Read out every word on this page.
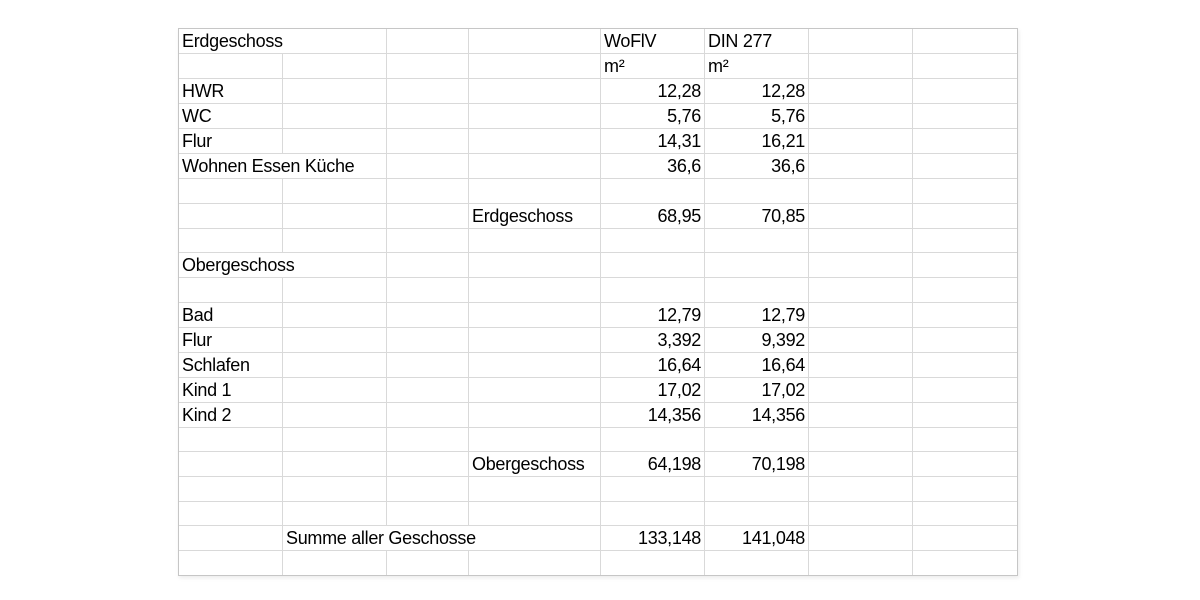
Erdgeschoss				WoFlV	DIN 277		
				m²	m²		
HWR				12,28	12,28		
WC				5,76	5,76		
Flur				14,31	16,21		
Wohnen Essen Küche				36,6	36,6		

			Erdgeschoss	68,95	70,85		

Obergeschoss							

Bad				12,79	12,79		
Flur				3,392	9,392		
Schlafen				16,64	16,64		
Kind 1				17,02	17,02		
Kind 2				14,356	14,356		

			Obergeschoss	64,198	70,198		

	Summe aller Geschosse			133,148	141,048		
